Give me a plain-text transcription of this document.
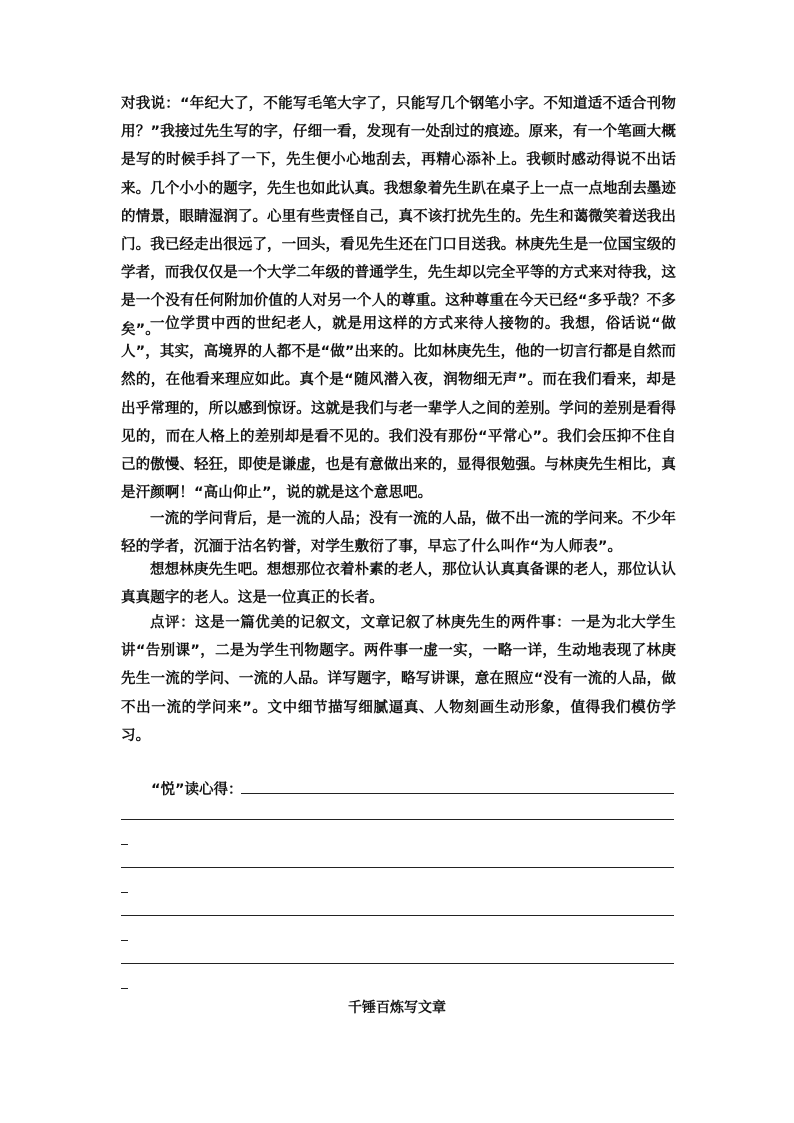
对我说：“年纪大了，不能写毛笔大字了，只能写几个钢笔小字。不知道适不适合刊物用？”我接过先生写的字，仔细一看，发现有一处刮过的痕迹。原来，有一个笔画大概是写的时候手抖了一下，先生便小心地刮去，再精心添补上。我顿时感动得说不出话来。几个小小的题字，先生也如此认真。我想象着先生趴在桌子上一点一点地刮去墨迹的情景，眼睛湿润了。心里有些责怪自己，真不该打扰先生的。先生和蔼微笑着送我出门。我已经走出很远了，一回头，看见先生还在门口目送我。林庚先生是一位国宝级的学者，而我仅仅是一个大学二年级的普通学生，先生却以完全平等的方式来对待我，这是一个没有任何附加价值的人对另一个人的尊重。这种尊重在今天已经“多乎哉？不多矣”。
一位学贯中西的世纪老人，就是用这样的方式来待人接物的。我想，俗话说“做人”，其实，高境界的人都不是“做”出来的。比如林庚先生，他的一切言行都是自然而然的，在他看来理应如此。真个是“随风潜入夜，润物细无声”。而在我们看来，却是出乎常理的，所以感到惊讶。这就是我们与老一辈学人之间的差别。学问的差别是看得见的，而在人格上的差别却是看不见的。我们没有那份“平常心”。我们会压抑不住自己的傲慢、轻狂，即使是谦虚，也是有意做出来的，显得很勉强。与林庚先生相比，真是汗颜啊！“高山仰止”，说的就是这个意思吧。
一流的学问背后，是一流的人品；没有一流的人品，做不出一流的学问来。不少年轻的学者，沉湎于沽名钓誉，对学生敷衍了事，早忘了什么叫作“为人师表”。
想想林庚先生吧。想想那位衣着朴素的老人，那位认认真真备课的老人，那位认认真真题字的老人。这是一位真正的长者。
点评：这是一篇优美的记叙文，文章记叙了林庚先生的两件事：一是为北大学生讲“告别课”，二是为学生刊物题字。两件事一虚一实，一略一详，生动地表现了林庚先生一流的学问、一流的人品。详写题字，略写讲课，意在照应“没有一流的人品，做不出一流的学问来”。文中细节描写细腻逼真、人物刻画生动形象，值得我们模仿学习。
“悦”读心得：
千锤百炼写文章
